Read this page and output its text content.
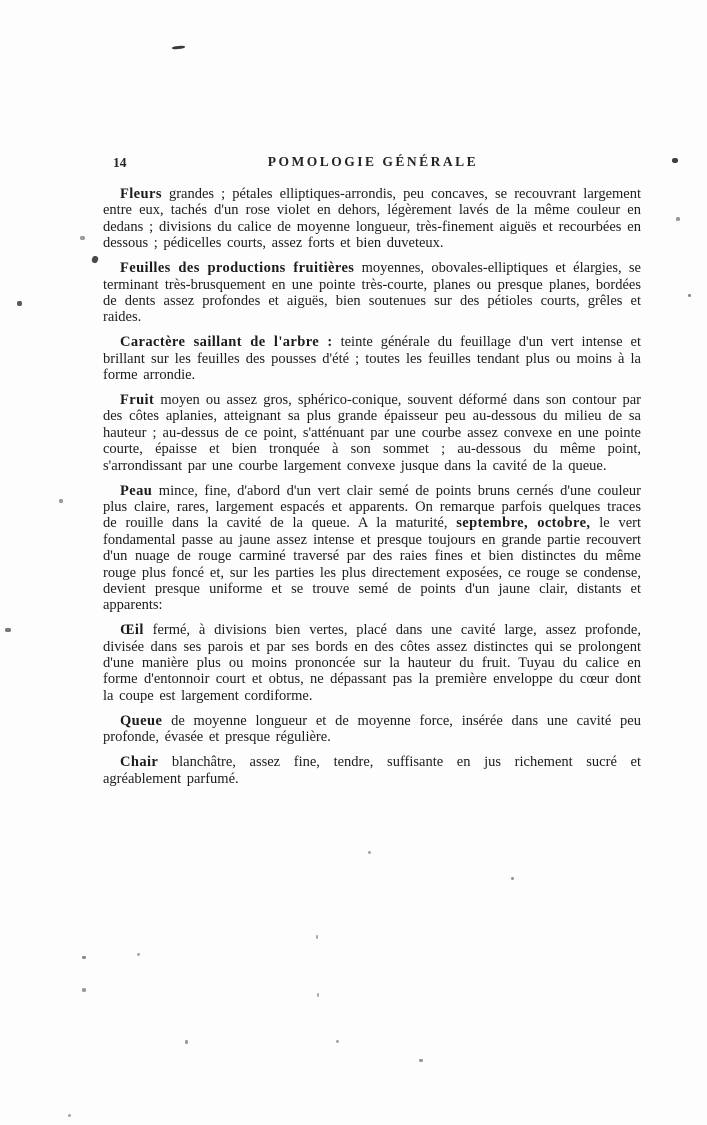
14	POMOLOGIE GÉNÉRALE

Fleurs grandes ; pétales elliptiques-arrondis, peu concaves, se recouvrant largement entre eux, tachés d'un rose violet en dehors, légèrement lavés de la même couleur en dedans ; divisions du calice de moyenne longueur, très-finement aiguës et recourbées en dessous ; pédicelles courts, assez forts et bien duveteux.

Feuilles des productions fruitières moyennes, obovales-elliptiques et élargies, se terminant très-brusquement en une pointe très-courte, planes ou presque planes, bordées de dents assez profondes et aiguës, bien soutenues sur des pétioles courts, grêles et raides.

Caractère saillant de l'arbre : teinte générale du feuillage d'un vert intense et brillant sur les feuilles des pousses d'été ; toutes les feuilles tendant plus ou moins à la forme arrondie.

Fruit moyen ou assez gros, sphérico-conique, souvent déformé dans son contour par des côtes aplanies, atteignant sa plus grande épaisseur peu au-dessous du milieu de sa hauteur ; au-dessus de ce point, s'atténuant par une courbe assez convexe en une pointe courte, épaisse et bien tronquée à son sommet ; au-dessous du même point, s'arrondissant par une courbe largement convexe jusque dans la cavité de la queue.

Peau mince, fine, d'abord d'un vert clair semé de points bruns cernés d'une couleur plus claire, rares, largement espacés et apparents. On remarque parfois quelques traces de rouille dans la cavité de la queue. A la maturité, septembre, octobre, le vert fondamental passe au jaune assez intense et presque toujours en grande partie recouvert d'un nuage de rouge carminé traversé par des raies fines et bien distinctes du même rouge plus foncé et, sur les parties les plus directement exposées, ce rouge se condense, devient presque uniforme et se trouve semé de points d'un jaune clair, distants et apparents:

Œil fermé, à divisions bien vertes, placé dans une cavité large, assez profonde, divisée dans ses parois et par ses bords en des côtes assez distinctes qui se prolongent d'une manière plus ou moins prononcée sur la hauteur du fruit. Tuyau du calice en forme d'entonnoir court et obtus, ne dépassant pas la première enveloppe du cœur dont la coupe est largement cordiforme.

Queue de moyenne longueur et de moyenne force, insérée dans une cavité peu profonde, évasée et presque régulière.

Chair blanchâtre, assez fine, tendre, suffisante en jus richement sucré et agréablement parfumé.
